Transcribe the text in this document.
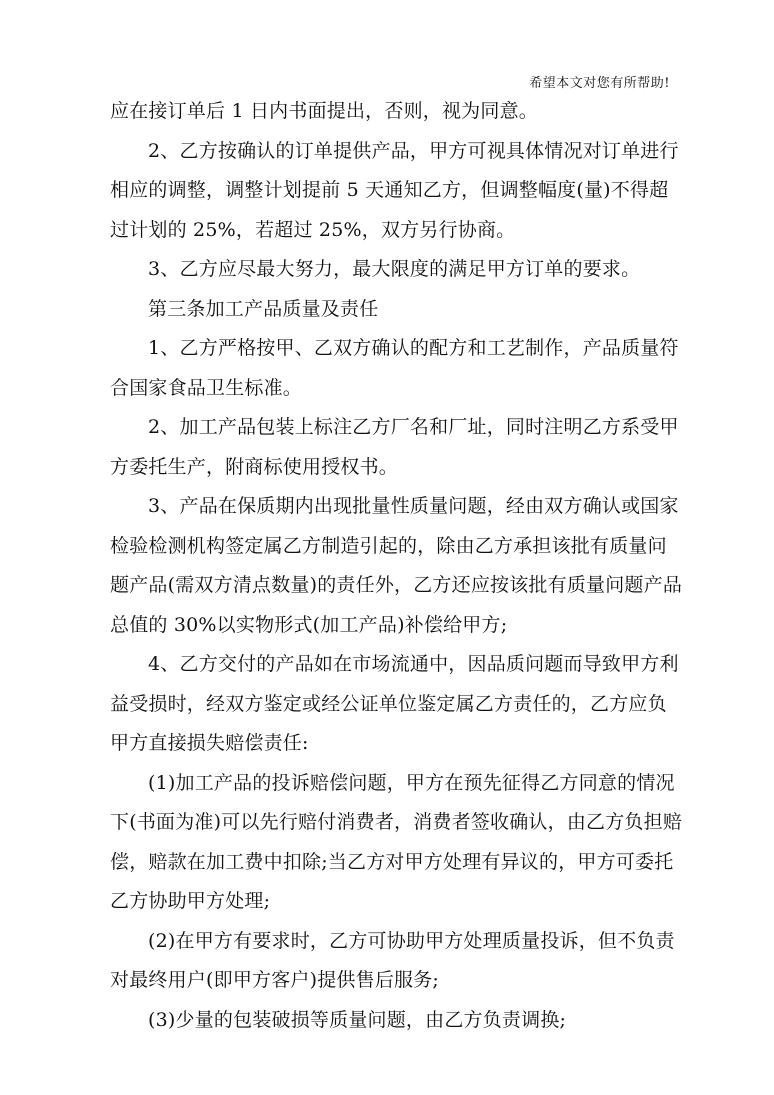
希望本文对您有所帮助!

应在接订单后 1 日内书面提出，否则，视为同意。

2、乙方按确认的订单提供产品，甲方可视具体情况对订单进行相应的调整，调整计划提前 5 天通知乙方，但调整幅度(量)不得超过计划的 25%，若超过 25%，双方另行协商。

3、乙方应尽最大努力，最大限度的满足甲方订单的要求。

第三条加工产品质量及责任

1、乙方严格按甲、乙双方确认的配方和工艺制作，产品质量符合国家食品卫生标准。

2、加工产品包装上标注乙方厂名和厂址，同时注明乙方系受甲方委托生产，附商标使用授权书。

3、产品在保质期内出现批量性质量问题，经由双方确认或国家检验检测机构签定属乙方制造引起的，除由乙方承担该批有质量问题产品(需双方清点数量)的责任外，乙方还应按该批有质量问题产品总值的 30%以实物形式(加工产品)补偿给甲方;

4、乙方交付的产品如在市场流通中，因品质问题而导致甲方利益受损时，经双方鉴定或经公证单位鉴定属乙方责任的，乙方应负甲方直接损失赔偿责任:

(1)加工产品的投诉赔偿问题，甲方在预先征得乙方同意的情况下(书面为准)可以先行赔付消费者，消费者签收确认，由乙方负担赔偿，赔款在加工费中扣除;当乙方对甲方处理有异议的，甲方可委托乙方协助甲方处理;

(2)在甲方有要求时，乙方可协助甲方处理质量投诉，但不负责对最终用户(即甲方客户)提供售后服务;

(3)少量的包装破损等质量问题，由乙方负责调换;
